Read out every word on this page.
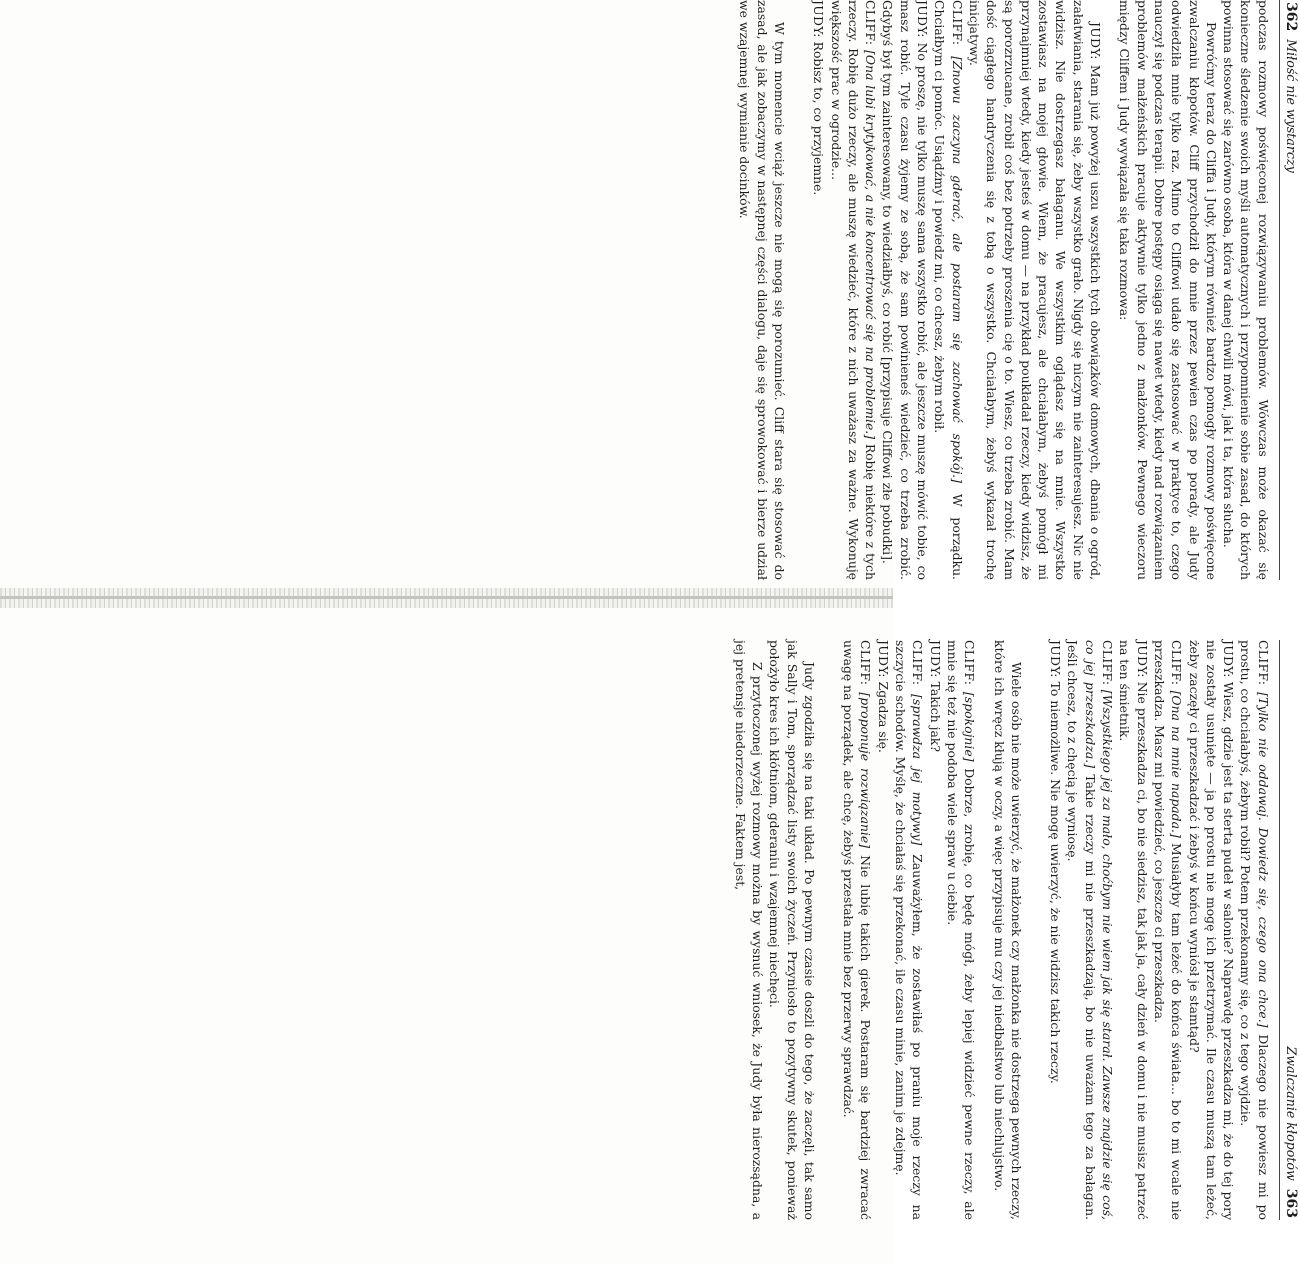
362Miłość nie wystarczy

podczas rozmowy poświęconej rozwiązywaniu problemów. Wówczas może okazać się konieczne śledzenie swoich myśli automatycznych i przypomnienie sobie zasad, do których powinna stosować się zarówno osoba, która w danej chwili mówi, jak i ta, która słucha.

Powróćmy teraz do Cliffa i Judy, którym również bardzo pomogły rozmowy poświęcone zwalczaniu kłopotów. Cliff przychodził do mnie przez pewien czas po porady, ale Judy odwiedziła mnie tylko raz. Mimo to Cliffowi udało się zastosować w praktyce to, czego nauczył się podczas terapii. Dobre postępy osiąga się nawet wtedy, kiedy nad rozwiązaniem problemów małżeńskich pracuje aktywnie tylko jedno z małżonków. Pewnego wieczoru między Cliffem i Judy wywiązała się taka rozmowa:

JUDY: Mam już powyżej uszu wszystkich tych obowiązków domowych, dbania o ogród, załatwiania, starania się, żeby wszystko grało. Nigdy się niczym nie zainteresujesz. Nic nie widzisz. Nie dostrzegasz bałaganu. We wszystkim oglądasz się na mnie. Wszystko zostawiasz na mojej głowie. Wiem, że pracujesz, ale chciałabym, żebyś pomógł mi przynajmniej wtedy, kiedy jesteś w domu — na przykład poukładał rzeczy, kiedy widzisz, że są porozrzucane, zrobił coś bez potrzeby proszenia cię o to. Wiesz, co trzeba zrobić. Mam dość ciągłego handryczenia się z tobą o wszystko. Chciałabym, żebyś wykazał trochę inicjatywy.

CLIFF: [Znowu zaczyna gderać, ale postaram się zachować spokój.] W porządku. Chciałbym ci pomóc. Usiądźmy i powiedz mi, co chcesz, żebym robił.

JUDY: No proszę, nie tylko muszę sama wszystko robić, ale jeszcze muszę mówić tobie, co masz robić. Tyle czasu żyjemy ze sobą, że sam powinieneś wiedzieć, co trzeba zrobić. Gdybyś był tym zainteresowany, to wiedziałbyś, co robić [przypisuje Cliffowi złe pobudki].

CLIFF: [Ona lubi krytykować, a nie koncentrować się na problemie.] Robię niektóre z tych rzeczy. Robię dużo rzeczy, ale muszę wiedzieć, które z nich uważasz za ważne. Wykonuję większość prac w ogrodzie...

JUDY: Robisz to, co przyjemne.

W tym momencie wciąż jeszcze nie mogą się porozumieć. Cliff stara się stosować do zasad, ale jak zobaczymy w następnej części dialogu, daje się sprowokować i bierze udział we wzajemnej wymianie docinków.

Zwalczanie kłopotów363

CLIFF: [Tylko nie oddawaj. Dowiedz się, czego ona chce.] Dlaczego nie powiesz mi po prostu, co chciałabyś, żebym robił? Potem przekonamy się, co z tego wyjdzie.

JUDY: Wiesz, gdzie jest ta sterta pudeł w salonie? Naprawdę przeszkadza mi, że do tej pory nie zostały usunięte — ja po prostu nie mogę ich przetrzymać. Ile czasu muszą tam leżeć, żeby zaczęły ci przeszkadzać i żebyś w końcu wyniósł je stamtąd?

CLIFF: [Ona na mnie napada.] Musiałyby tam leżeć do końca świata... bo to mi wcale nie przeszkadza. Masz mi powiedzieć, co jeszcze ci przeszkadza.

JUDY: Nie przeszkadza ci, bo nie siedzisz, tak jak ja, cały dzień w domu i nie musisz patrzeć na ten śmietnik.

CLIFF: [Wszystkiego jej za mało, choćbym nie wiem jak się starał. Zawsze znajdzie się coś, co jej przeszkadza.] Takie rzeczy mi nie przeszkadzają, bo nie uważam tego za bałagan. Jeśli chcesz, to z chęcią je wyniosę.

JUDY: To niemożliwe. Nie mogę uwierzyć, że nie widzisz takich rzeczy.

Wiele osób nie może uwierzyć, że małżonek czy małżonka nie dostrzega pewnych rzeczy, które ich wręcz kłują w oczy, a więc przypisuje mu czy jej niedbalstwo lub niechlujstwo.

CLIFF: [spokojnie] Dobrze, zrobię, co będę mógł, żeby lepiej widzieć pewne rzeczy, ale mnie się też nie podoba wiele spraw u ciebie.

JUDY: Takich jak?

CLIFF: [sprawdza jej motywy] Zauważyłem, że zostawiłaś po praniu moje rzeczy na szczycie schodów. Myślę, że chciałaś się przekonać, ile czasu minie, zanim je zdejmę.

JUDY: Zgadza się.

CLIFF: [proponuje rozwiązanie] Nie lubię takich gierek. Postaram się bardziej zwracać uwagę na porządek, ale chcę, żebyś przestała mnie bez przerwy sprawdzać.

Judy zgodziła się na taki układ. Po pewnym czasie doszli do tego, że zaczęli, tak samo jak Sally i Tom, sporządzać listy swoich życzeń. Przyniosło to pozytywny skutek, ponieważ położyło kres ich kłótniom, gderaniu i wzajemnej niechęci.

Z przytoczonej wyżej rozmowy można by wysnuć wniosek, że Judy była nierozsądna, a jej pretensje niedorzeczne. Faktem jest,
